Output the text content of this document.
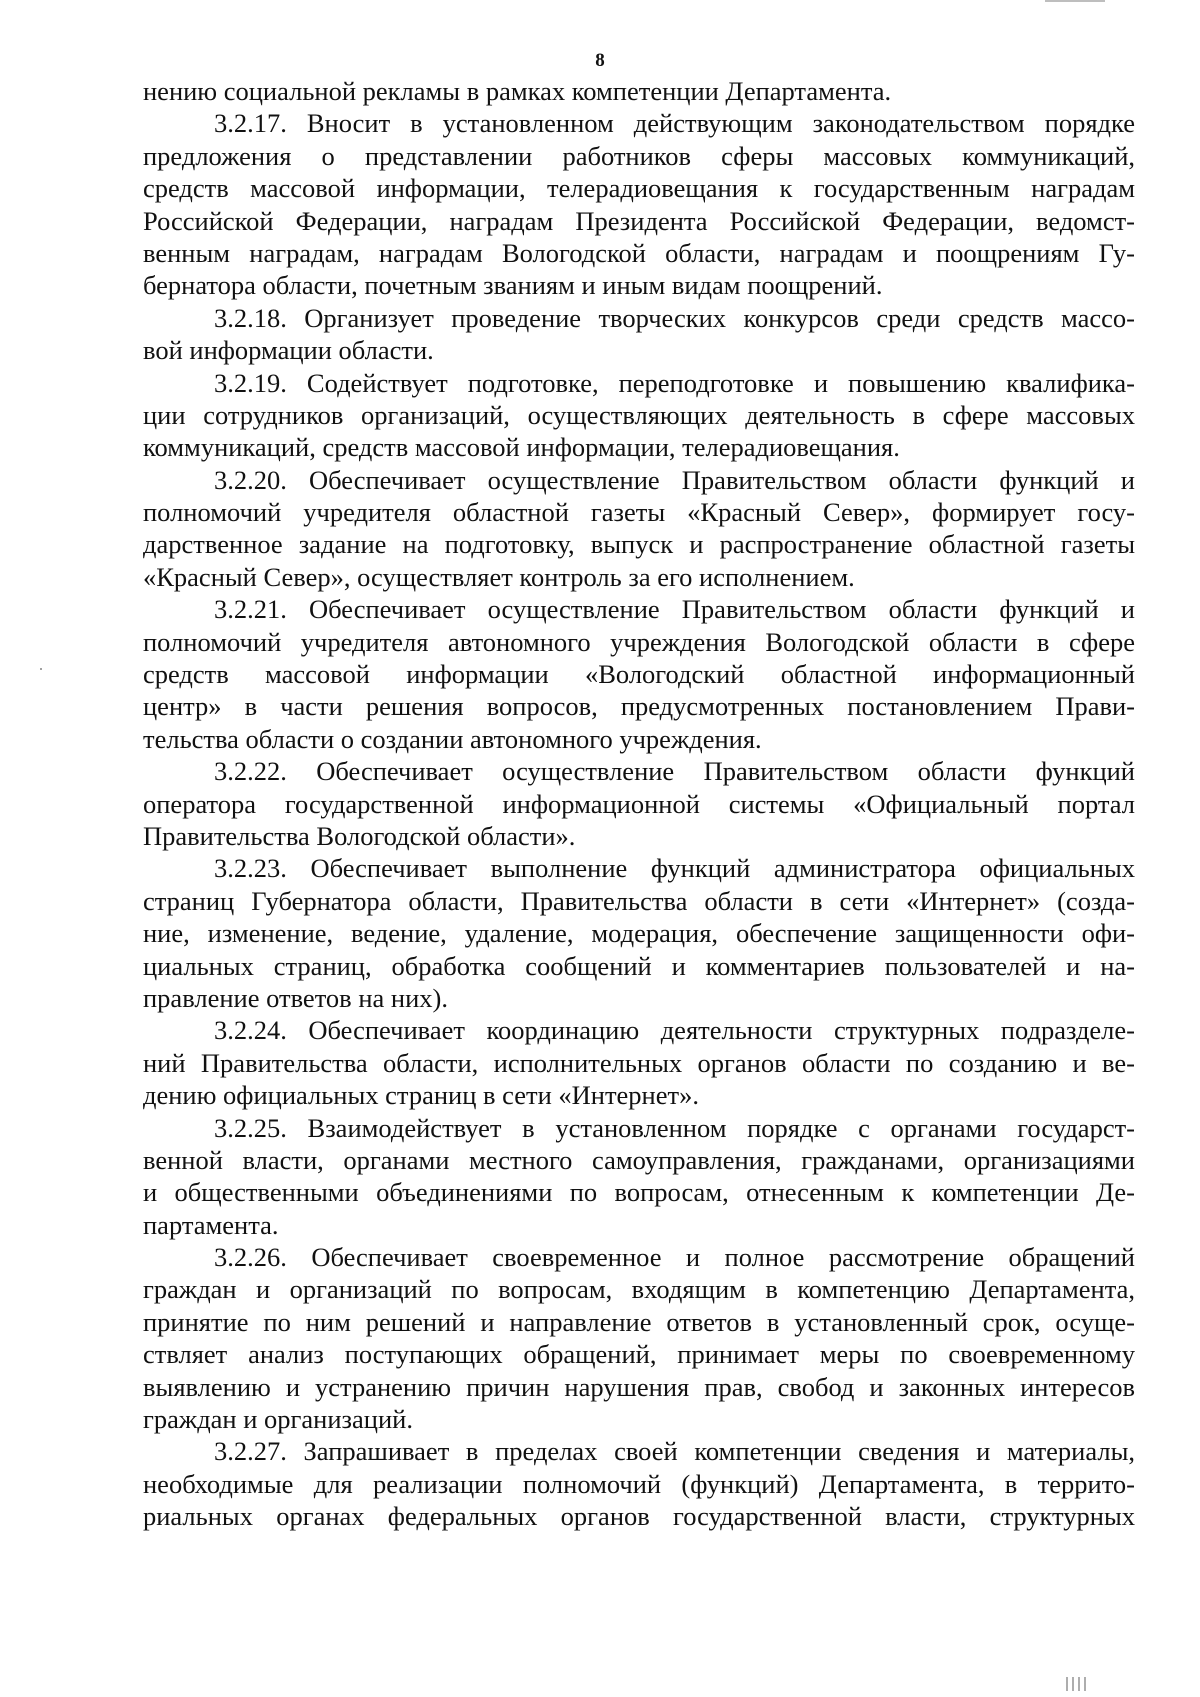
8
нению социальной рекламы в рамках компетенции Департамента.
3.2.17. Вносит в установленном действующим законодательством порядке
предложения о представлении работников сферы массовых коммуникаций,
средств массовой информации, телерадиовещания к государственным наградам
Российской Федерации, наградам Президента Российской Федерации, ведомст-
венным наградам, наградам Вологодской области, наградам и поощрениям Гу-
бернатора области, почетным званиям и иным видам поощрений.
3.2.18. Организует проведение творческих конкурсов среди средств массо-
вой информации области.
3.2.19. Содействует подготовке, переподготовке и повышению квалифика-
ции сотрудников организаций, осуществляющих деятельность в сфере массовых
коммуникаций, средств массовой информации, телерадиовещания.
3.2.20. Обеспечивает осуществление Правительством области функций и
полномочий учредителя областной газеты «Красный Север», формирует госу-
дарственное задание на подготовку, выпуск и распространение областной газеты
«Красный Север», осуществляет контроль за его исполнением.
3.2.21. Обеспечивает осуществление Правительством области функций и
полномочий учредителя автономного учреждения Вологодской области в сфере
средств массовой информации «Вологодский областной информационный
центр» в части решения вопросов, предусмотренных постановлением Прави-
тельства области о создании автономного учреждения.
3.2.22. Обеспечивает осуществление Правительством области функций
оператора государственной информационной системы «Официальный портал
Правительства Вологодской области».
3.2.23. Обеспечивает выполнение функций администратора официальных
страниц Губернатора области, Правительства области в сети «Интернет» (созда-
ние, изменение, ведение, удаление, модерация, обеспечение защищенности офи-
циальных страниц, обработка сообщений и комментариев пользователей и на-
правление ответов на них).
3.2.24. Обеспечивает координацию деятельности структурных подразделе-
ний Правительства области, исполнительных органов области по созданию и ве-
дению официальных страниц в сети «Интернет».
3.2.25. Взаимодействует в установленном порядке с органами государст-
венной власти, органами местного самоуправления, гражданами, организациями
и общественными объединениями по вопросам, отнесенным к компетенции Де-
партамента.
3.2.26. Обеспечивает своевременное и полное рассмотрение обращений
граждан и организаций по вопросам, входящим в компетенцию Департамента,
принятие по ним решений и направление ответов в установленный срок, осуще-
ствляет анализ поступающих обращений, принимает меры по своевременному
выявлению и устранению причин нарушения прав, свобод и законных интересов
граждан и организаций.
3.2.27. Запрашивает в пределах своей компетенции сведения и материалы,
необходимые для реализации полномочий (функций) Департамента, в террито-
риальных органах федеральных органов государственной власти, структурных
